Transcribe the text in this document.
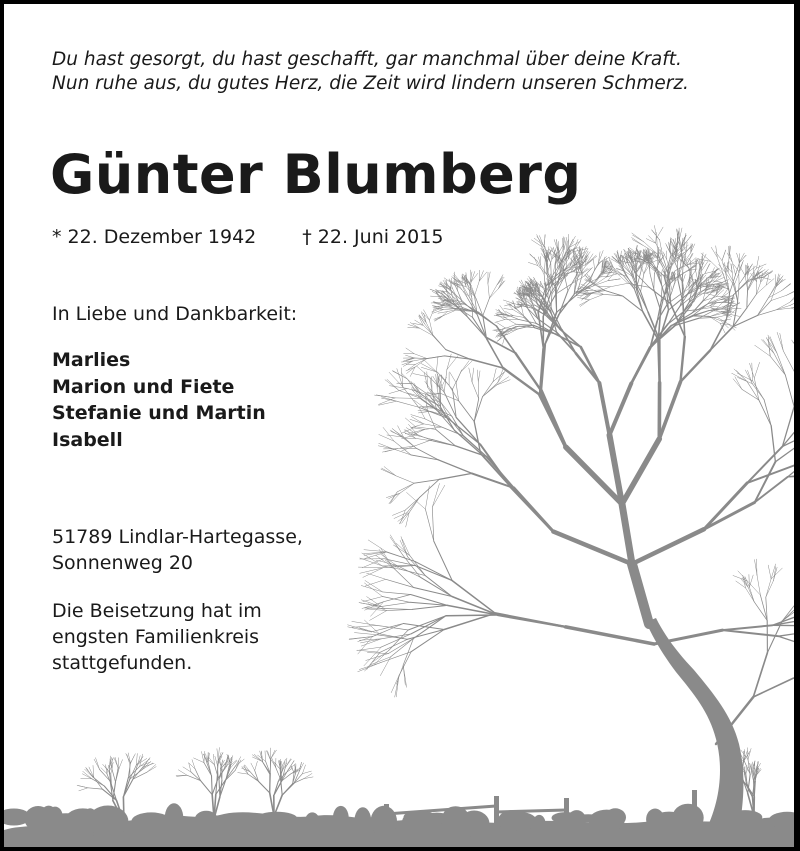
Du hast gesorgt, du hast geschafft, gar manchmal über deine Kraft.
Nun ruhe aus, du gutes Herz, die Zeit wird lindern unseren Schmerz.
Günter Blumberg
* 22. Dezember 1942 † 22. Juni 2015
In Liebe und Dankbarkeit:
Marlies
Marion und Fiete
Stefanie und Martin
Isabell
51789 Lindlar-Hartegasse,
Sonnenweg 20
Die Beisetzung hat im
engsten Familienkreis
stattgefunden.
